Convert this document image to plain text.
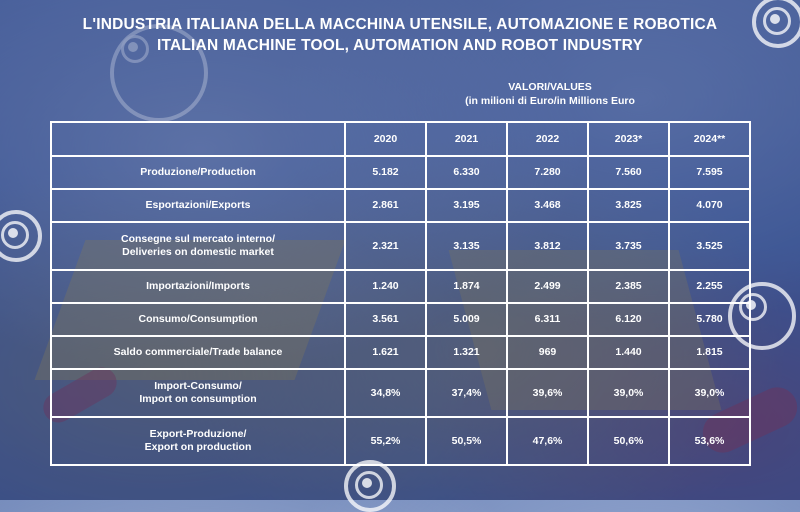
L'INDUSTRIA ITALIANA DELLA MACCHINA UTENSILE, AUTOMAZIONE E ROBOTICA
ITALIAN MACHINE TOOL, AUTOMATION AND ROBOT INDUSTRY
VALORI/VALUES
(in milioni di Euro/in Millions Euro
	2020	2021	2022	2023*	2024**
Produzione/Production	5.182	6.330	7.280	7.560	7.595
Esportazioni/Exports	2.861	3.195	3.468	3.825	4.070

Consegne sul mercato interno/
Deliveries on domestic market	2.321	3.135	3.812	3.735	3.525
Importazioni/Imports	1.240	1.874	2.499	2.385	2.255
Consumo/Consumption	3.561	5.009	6.311	6.120	5.780
Saldo commerciale/Trade balance	1.621	1.321	969	1.440	1.815

Import-Consumo/
Import on consumption	34,8%	37,4%	39,6%	39,0%	39,0%

Export-Produzione/
Export on production	55,2%	50,5%	47,6%	50,6%	53,6%
